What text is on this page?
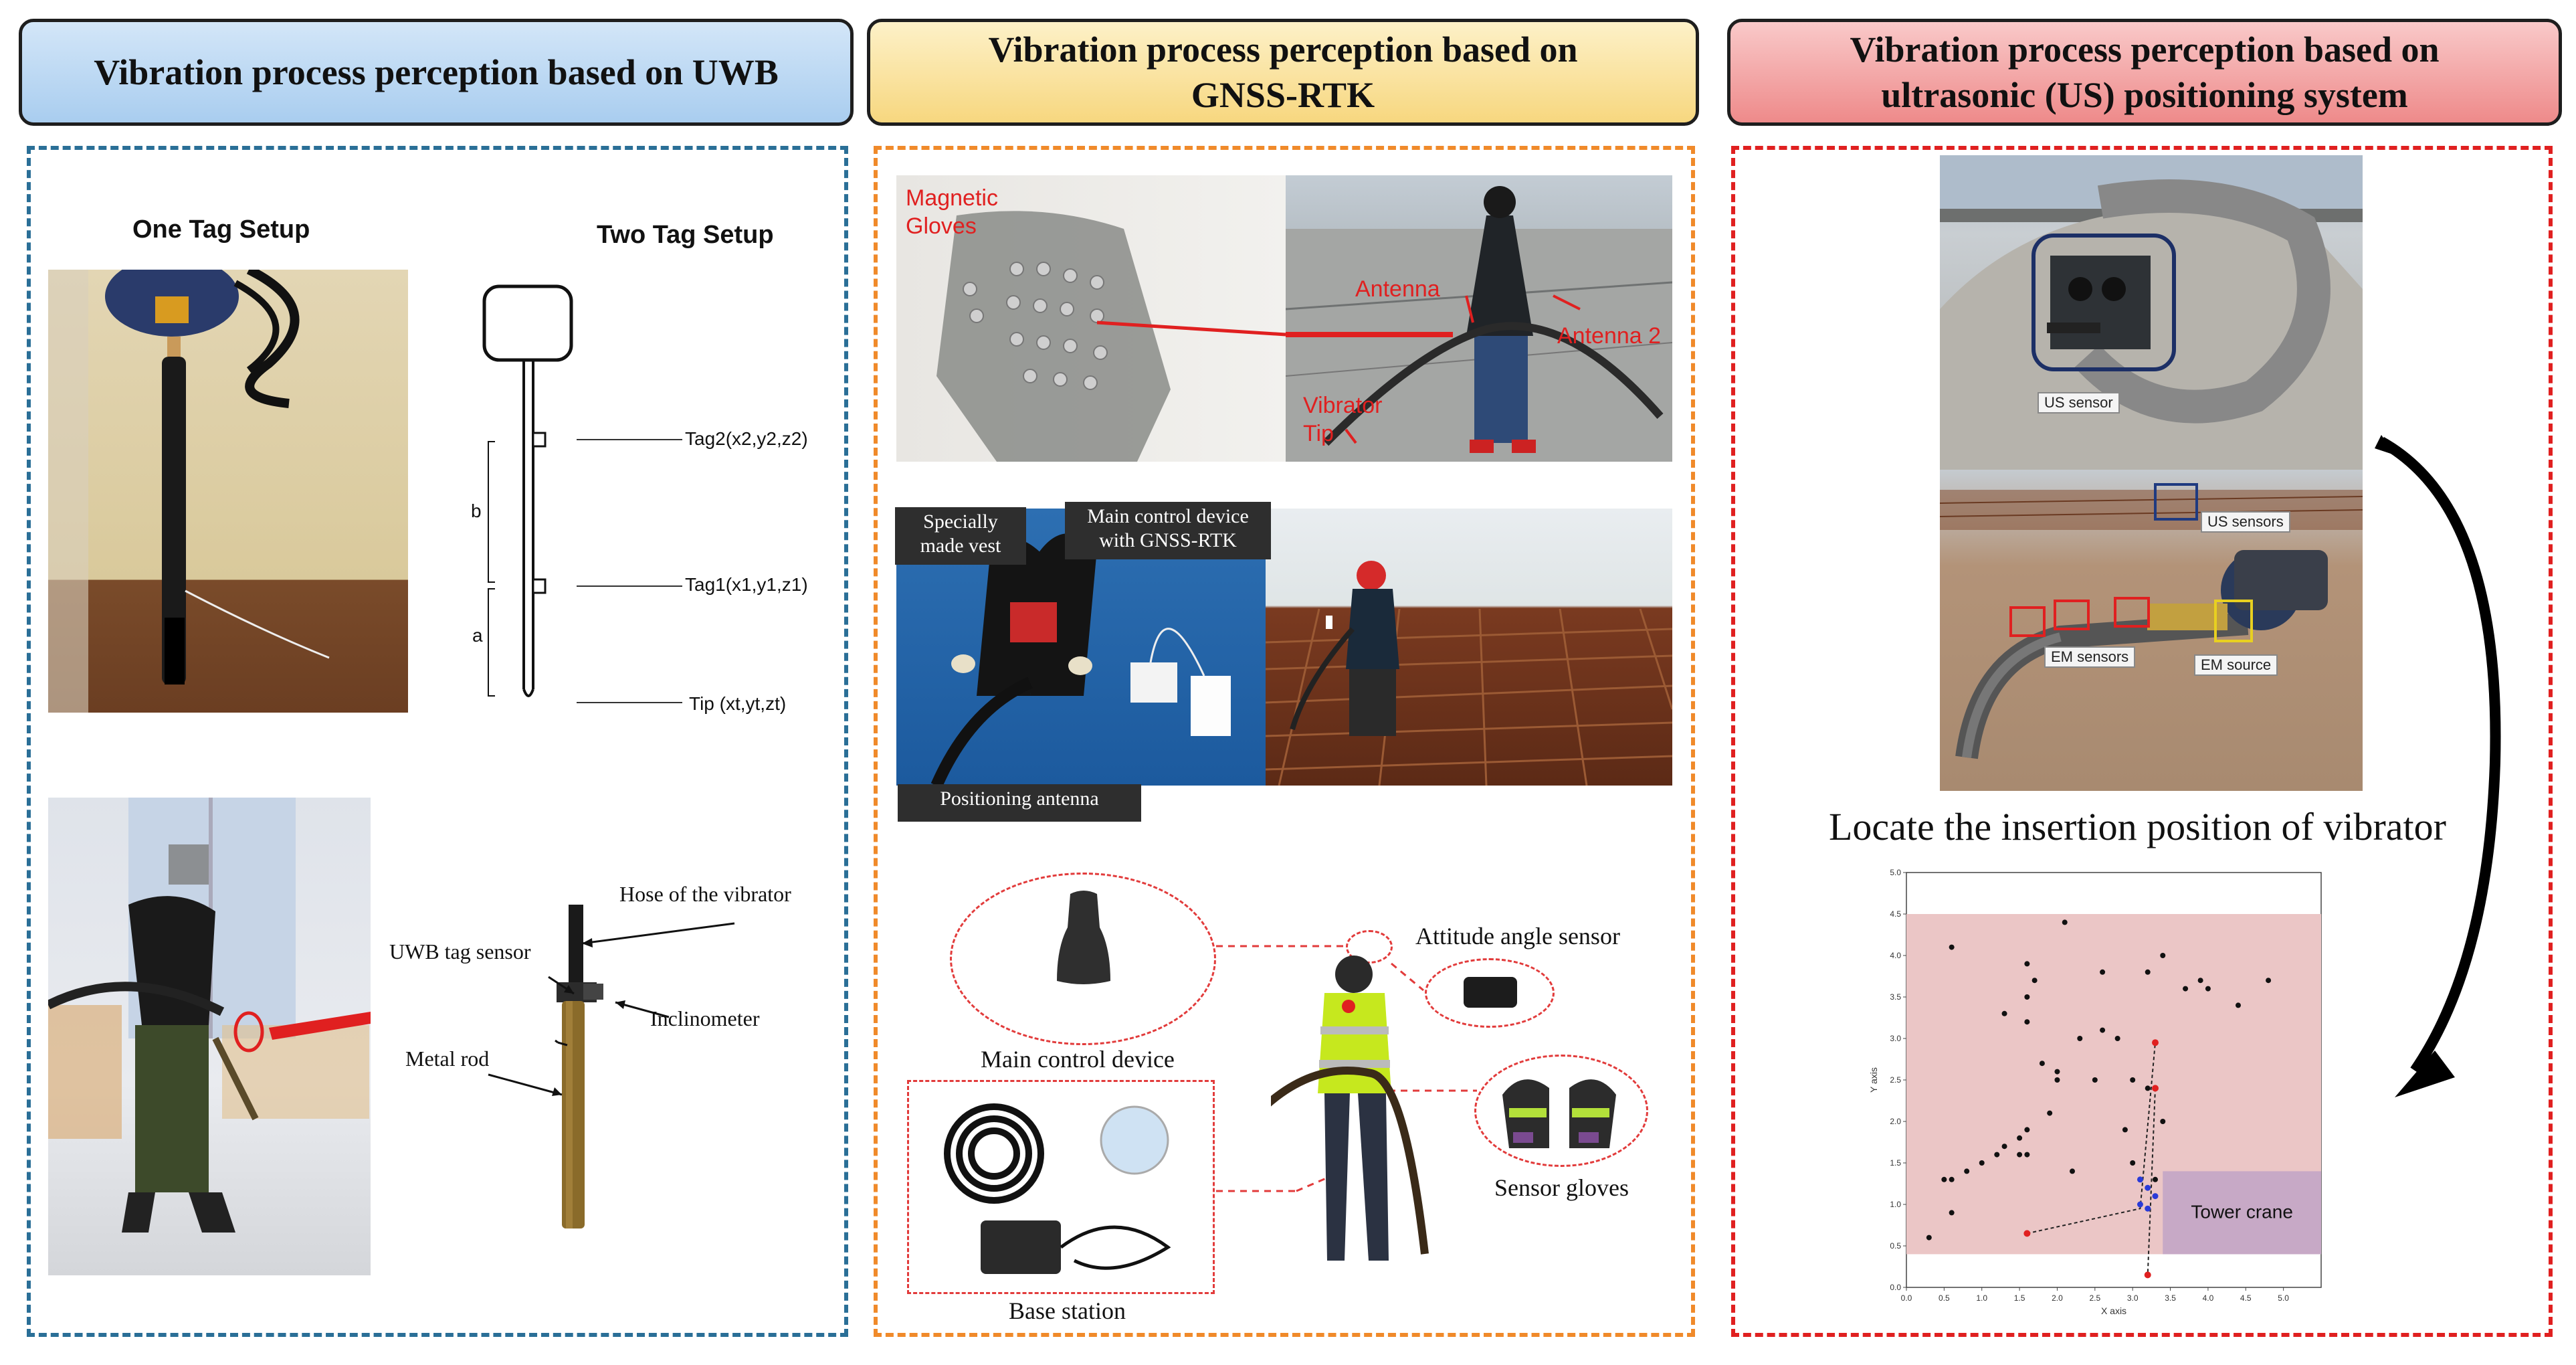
Vibration process perception based on UWB
Vibration process perception based on
GNSS-RTK
Vibration process perception based on
ultrasonic (US) positioning system
One Tag Setup	Two Tag Setup
Tag2(x2,y2,z2)
Tag1(x1,y1,z1)
Tip (xt,yt,zt)
b
a
Hose of the vibrator
UWB tag sensor
Inclinometer
Metal rod
Magnetic
Gloves
Antenna
Antenna 2
Vibrator
Tip
Specially
made vest
Main control device
with GNSS-RTK
Positioning antenna
Main control device
Base station
Attitude angle sensor
Sensor gloves
US sensor
US sensors
EM sensors	EM source
Locate the insertion position of vibrator
Tower crane
0.0	0.5	1.0	1.5	2.0	2.5	3.0	3.5	4.0	4.5	5.0
0.0
0.5
1.0
1.5
2.0
2.5
3.0
3.5
4.0
4.5
5.0
X axis
Y axis
